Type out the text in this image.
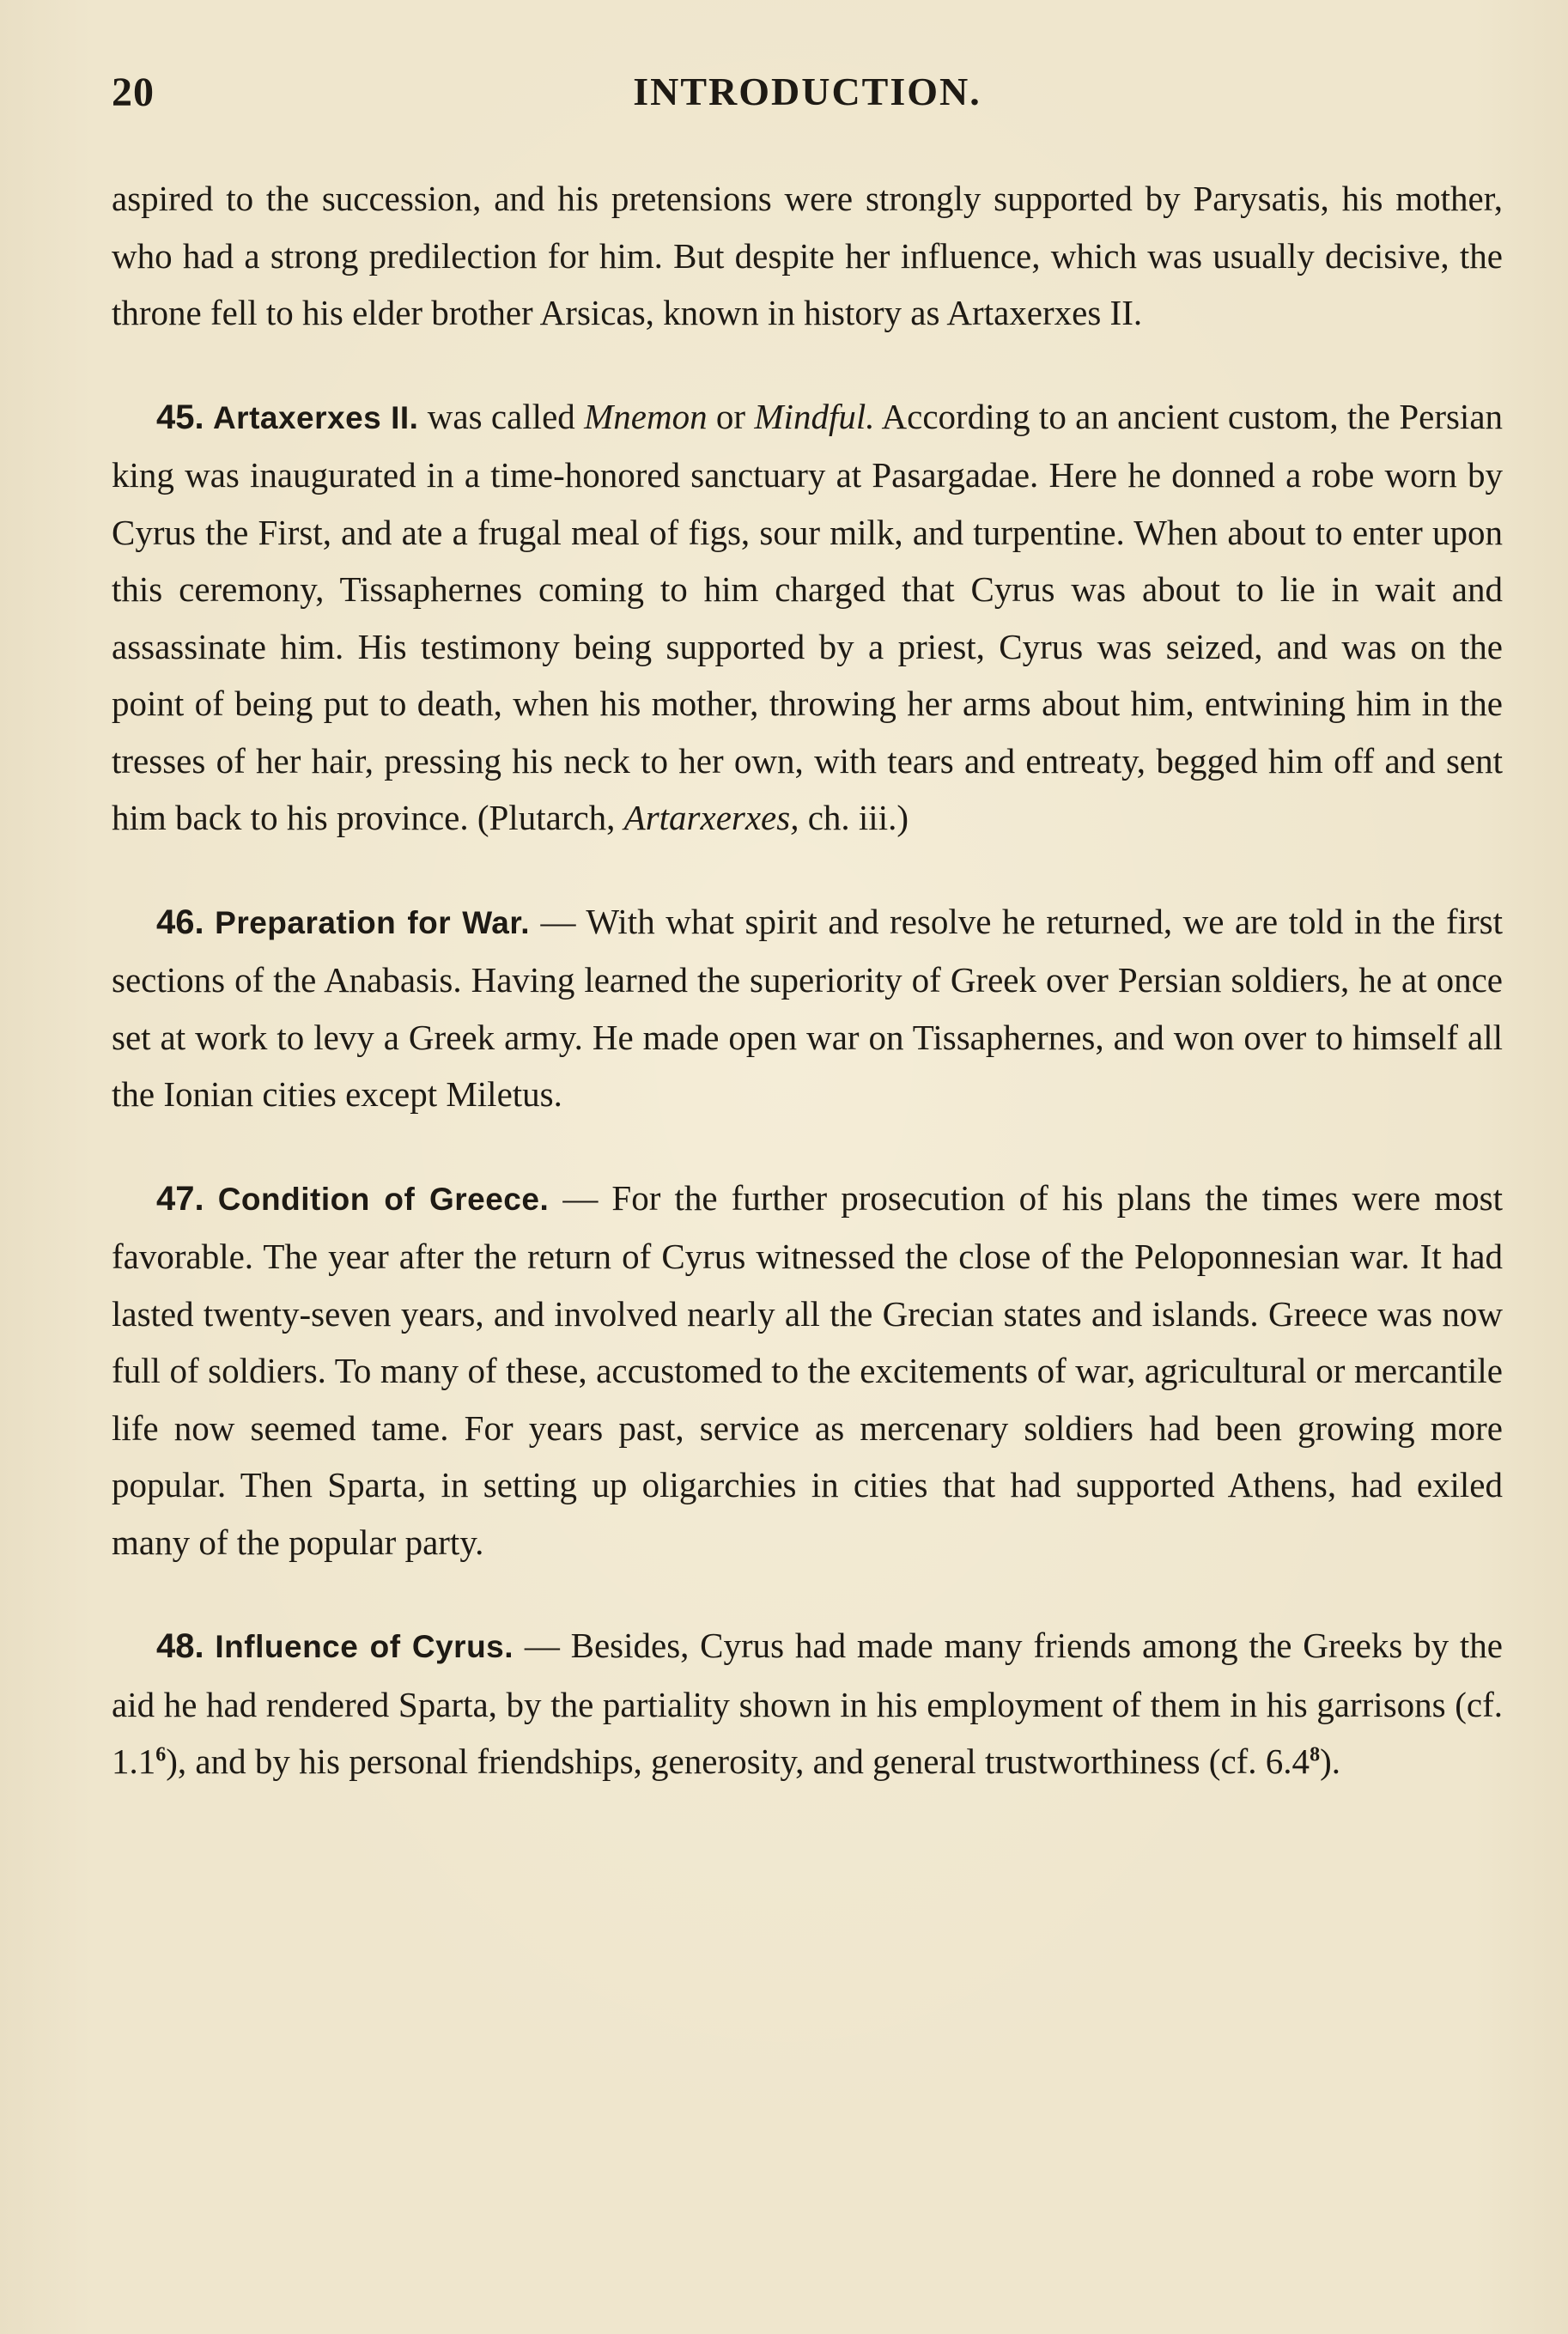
20	INTRODUCTION.

aspired to the succession, and his pretensions were strongly supported by Parysatis, his mother, who had a strong predilection for him. But despite her influence, which was usually decisive, the throne fell to his elder brother Arsicas, known in history as Artaxerxes II.

45. Artaxerxes II. was called Mnemon or Mindful. According to an ancient custom, the Persian king was inaugurated in a time-honored sanctuary at Pasargadae. Here he donned a robe worn by Cyrus the First, and ate a frugal meal of figs, sour milk, and turpentine. When about to enter upon this ceremony, Tissaphernes coming to him charged that Cyrus was about to lie in wait and assassinate him. His testimony being supported by a priest, Cyrus was seized, and was on the point of being put to death, when his mother, throwing her arms about him, entwining him in the tresses of her hair, pressing his neck to her own, with tears and entreaty, begged him off and sent him back to his province. (Plutarch, Artarxerxes, ch. iii.)

46. Preparation for War. — With what spirit and resolve he returned, we are told in the first sections of the Anabasis. Having learned the superiority of Greek over Persian soldiers, he at once set at work to levy a Greek army. He made open war on Tissaphernes, and won over to himself all the Ionian cities except Miletus.

47. Condition of Greece. — For the further prosecution of his plans the times were most favorable. The year after the return of Cyrus witnessed the close of the Peloponnesian war. It had lasted twenty-seven years, and involved nearly all the Grecian states and islands. Greece was now full of soldiers. To many of these, accustomed to the excitements of war, agricultural or mercantile life now seemed tame. For years past, service as mercenary soldiers had been growing more popular. Then Sparta, in setting up oligarchies in cities that had supported Athens, had exiled many of the popular party.

48. Influence of Cyrus. — Besides, Cyrus had made many friends among the Greeks by the aid he had rendered Sparta, by the partiality shown in his employment of them in his garrisons (cf. $1.1^6$), and by his personal friendships, generosity, and general trustworthiness (cf. $6.4^8$).
